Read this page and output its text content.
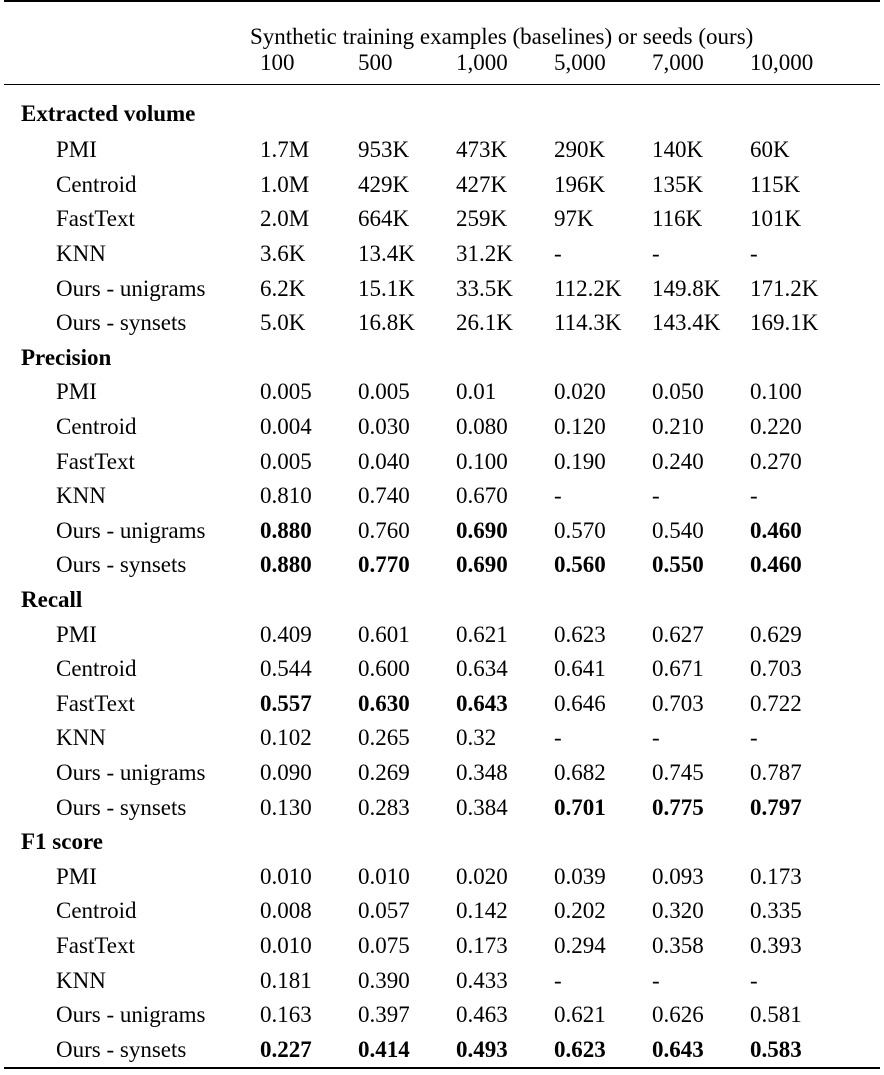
Synthetic training examples (baselines) or seeds (ours)						
	100	500	1,000	5,000	7,000	10,000
Extracted volume						
PMI	1.7M	953K	473K	290K	140K	60K
Centroid	1.0M	429K	427K	196K	135K	115K
FastText	2.0M	664K	259K	97K	116K	101K
KNN	3.6K	13.4K	31.2K	-	-	-
Ours - unigrams	6.2K	15.1K	33.5K	112.2K	149.8K	171.2K
Ours - synsets	5.0K	16.8K	26.1K	114.3K	143.4K	169.1K
Precision						
PMI	0.005	0.005	0.01	0.020	0.050	0.100
Centroid	0.004	0.030	0.080	0.120	0.210	0.220
FastText	0.005	0.040	0.100	0.190	0.240	0.270
KNN	0.810	0.740	0.670	-	-	-
Ours - unigrams	0.880	0.760	0.690	0.570	0.540	0.460
Ours - synsets	0.880	0.770	0.690	0.560	0.550	0.460
Recall						
PMI	0.409	0.601	0.621	0.623	0.627	0.629
Centroid	0.544	0.600	0.634	0.641	0.671	0.703
FastText	0.557	0.630	0.643	0.646	0.703	0.722
KNN	0.102	0.265	0.32	-	-	-
Ours - unigrams	0.090	0.269	0.348	0.682	0.745	0.787
Ours - synsets	0.130	0.283	0.384	0.701	0.775	0.797
F1 score						
PMI	0.010	0.010	0.020	0.039	0.093	0.173
Centroid	0.008	0.057	0.142	0.202	0.320	0.335
FastText	0.010	0.075	0.173	0.294	0.358	0.393
KNN	0.181	0.390	0.433	-	-	-
Ours - unigrams	0.163	0.397	0.463	0.621	0.626	0.581
Ours - synsets	0.227	0.414	0.493	0.623	0.643	0.583
